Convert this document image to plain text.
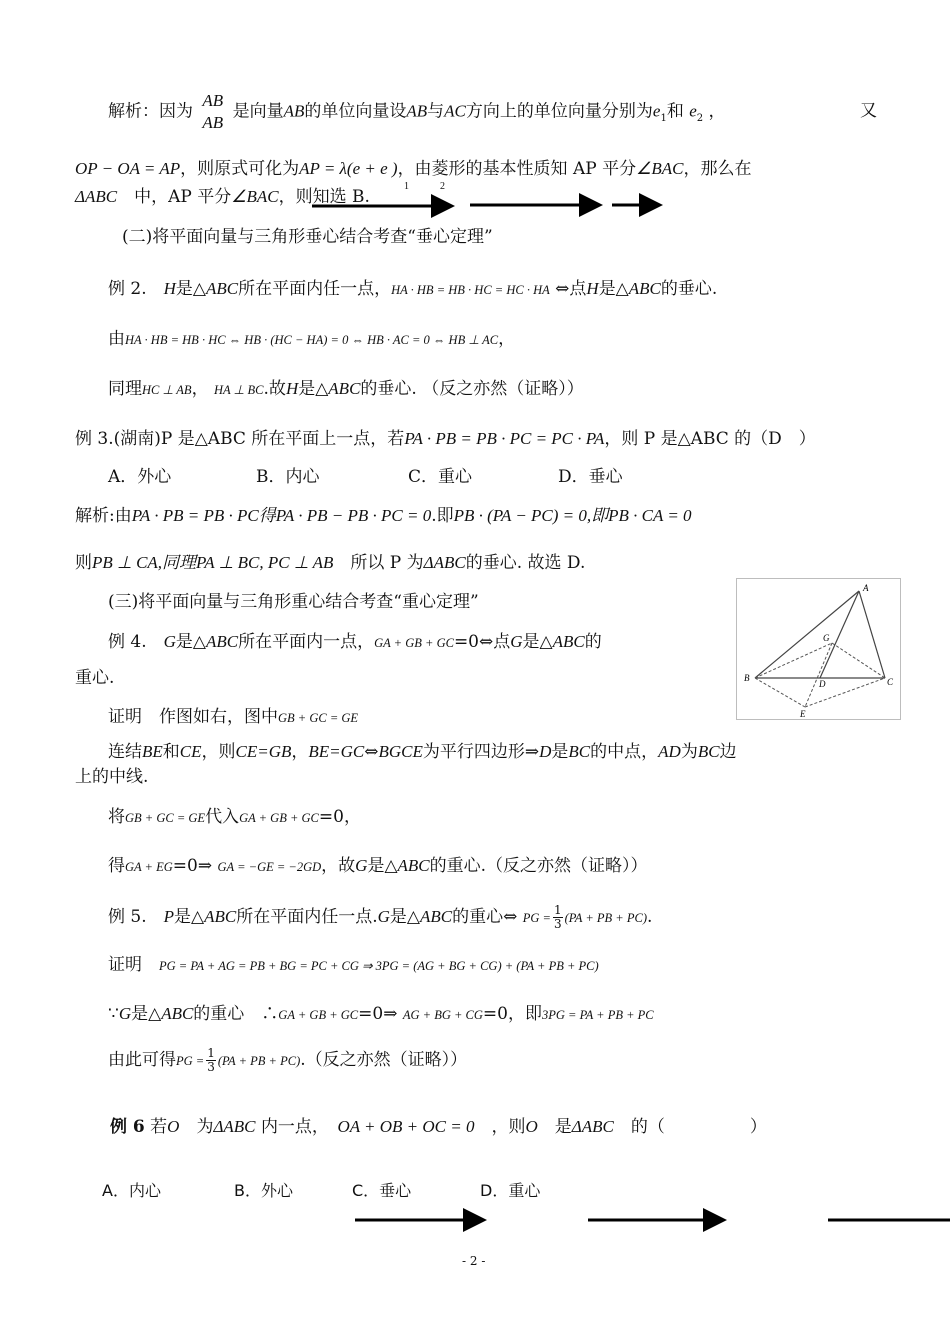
解析：因为
AB
AB
是向量AB的单位向量设AB与AC方向上的单位向量分别为$e_1$和 $e_2$ ，	又
OP − OA = AP，则原式可化为AP = λ(e + e )，由菱形的基本性质知 AP 平分∠BAC，那么在
1	2
ΔABC　 中，AP 平分∠BAC，则知选 B.
(二)将平面向量与三角形垂心结合考查“垂心定理”
例 2.　 H是△ABC所在平面内任一点，HA · HB = HB · HC = HC · HA ⇔点H是△ABC的垂心.
由HA · HB = HB · HC ⇔ HB · (HC − HA) = 0 ⇔ HB · AC = 0 ⇔ HB ⊥ AC，
同理HC ⊥ AB， HA ⊥ BC.故H是△ABC的垂心. （反之亦然（证略））
例 3.(湖南)P 是△ABC 所在平面上一点，若PA · PB = PB · PC = PC · PA，则 P 是△ABC 的（D　）
A．外心	B．内心	C．重心	D．垂心
解析:由PA · PB = PB · PC得PA · PB − PB · PC = 0.即PB · (PA − PC) = 0,即PB · CA = 0
则PB ⊥ CA,同理PA ⊥ BC, PC ⊥ AB　所以 P 为ΔABC的垂心. 故选 D.
(三)将平面向量与三角形重心结合考查“重心定理”
例 4.　 G是△ABC所在平面内一点，GA + GB + GC=0⇔点G是△ABC的
重心.
证明　作图如右，图中GB + GC = GE
连结BE和CE，则CE=GB，BE=GC⇔BGCE为平行四边形⇒D是BC的中点，AD为BC边
上的中线.
将GB + GC = GE代入GA + GB + GC=0，
得GA + EG=0⇒ GA = −GE = −2GD，故G是△ABC的重心.（反之亦然（证略））
例 5.　 P是△ABC所在平面内任一点.G是△ABC的重心⇔ PG = $\frac{1}{3} (PA$ + PB + PC).
证明　 PG = PA + AG = PB + BG = PC + CG ⇒ 3PG = (AG + BG + CG) + (PA + PB + PC)
∵G是△ABC的重心　∴GA + GB + GC=0⇒ AG + BG + CG=0，即3PG = PA + PB + PC
由此可得PG = $\frac{1}{3} (PA$ + PB + PC).（反之亦然（证略））
例 6 若O　 为ΔABC 内一点，　 OA + OB + OC = 0　 ，则O　 是ΔABC　 的（　　　　　）
A．内心	B．外心	C．垂心	D．重心
A
B	C
D
E
G
- 2 -
